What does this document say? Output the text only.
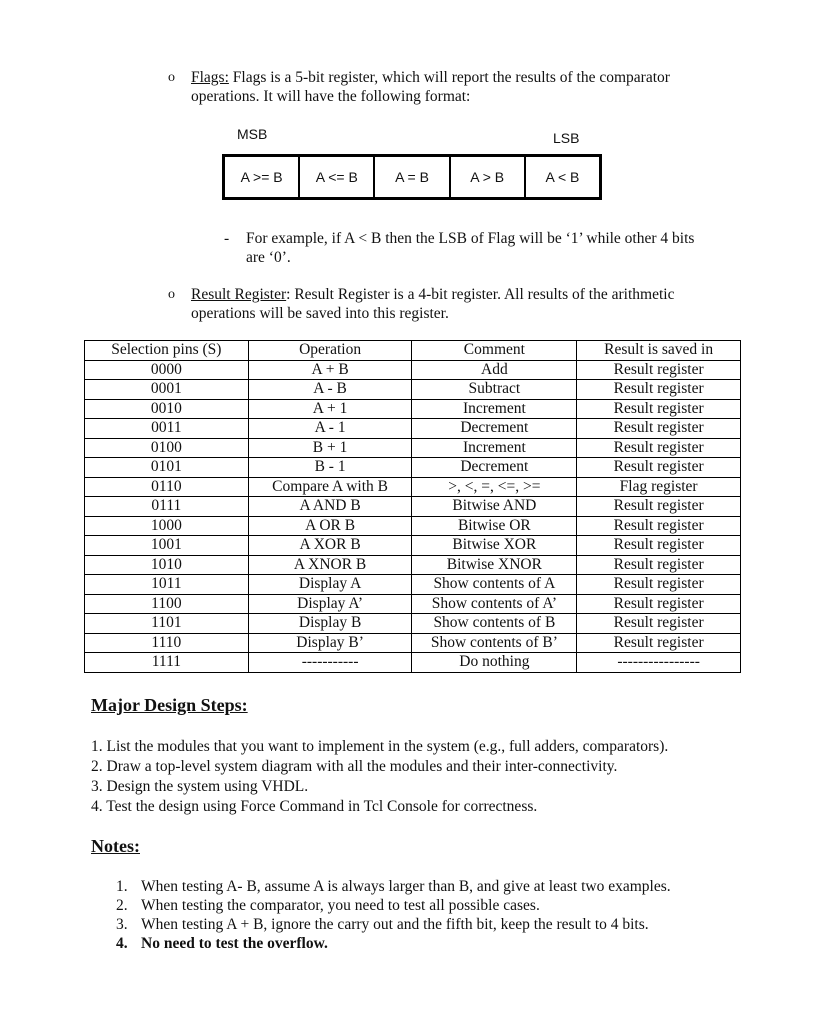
o Flags: Flags is a 5-bit register, which will report the results of the comparator
operations. It will have the following format:
MSB	LSB
A >= B	A <= B	A = B	A > B	A < B
- For example, if A < B then the LSB of Flag will be ‘1’ while other 4 bits
are ‘0’.
o Result Register: Result Register is a 4-bit register. All results of the arithmetic
operations will be saved into this register.
Selection pins (S)	Operation	Comment	Result is saved in
0000	A + B	Add	Result register
0001	A - B	Subtract	Result register
0010	A + 1	Increment	Result register
0011	A - 1	Decrement	Result register
0100	B + 1	Increment	Result register
0101	B - 1	Decrement	Result register
0110	Compare A with B	>, <, =, <=, >=	Flag register
0111	A AND B	Bitwise AND	Result register
1000	A OR B	Bitwise OR	Result register
1001	A XOR B	Bitwise XOR	Result register
1010	A XNOR B	Bitwise XNOR	Result register
1011	Display A	Show contents of A	Result register
1100	Display A’	Show contents of A’	Result register
1101	Display B	Show contents of B	Result register
1110	Display B’	Show contents of B’	Result register
1111	-----------	Do nothing	----------------
Major Design Steps:
1. List the modules that you want to implement in the system (e.g., full adders, comparators).
2. Draw a top-level system diagram with all the modules and their inter-connectivity.
3. Design the system using VHDL.
4. Test the design using Force Command in Tcl Console for correctness.
Notes:
1. When testing A- B, assume A is always larger than B, and give at least two examples.
2. When testing the comparator, you need to test all possible cases.
3. When testing A + B, ignore the carry out and the fifth bit, keep the result to 4 bits.
4. No need to test the overflow.
